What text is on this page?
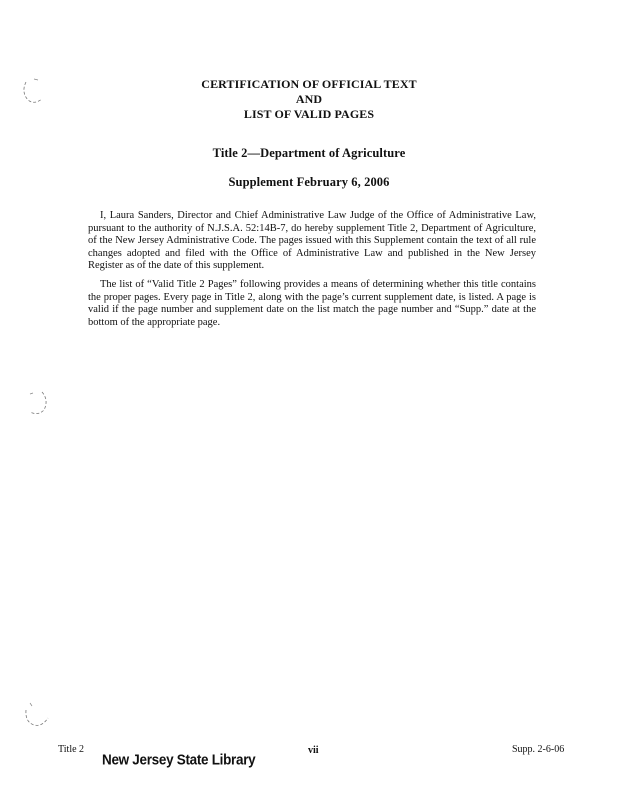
CERTIFICATION OF OFFICIAL TEXT
AND
LIST OF VALID PAGES
Title 2—Department of Agriculture
Supplement February 6, 2006

I, Laura Sanders, Director and Chief Administrative Law Judge of the Office of Administrative Law, pursuant to the authority of N.J.S.A. 52:14B-7, do hereby supplement Title 2, Department of Agriculture, of the New Jersey Administrative Code. The pages issued with this Supplement contain the text of all rule changes adopted and filed with the Office of Administrative Law and published in the New Jersey Register as of the date of this supplement.

The list of “Valid Title 2 Pages” following provides a means of determining whether this title contains the proper pages. Every page in Title 2, along with the page’s current supplement date, is listed. A page is valid if the page number and supplement date on the list match the page number and “Supp.” date at the bottom of the appropriate page.

Title 2
New Jersey State Library
vii	Supp. 2-6-06
